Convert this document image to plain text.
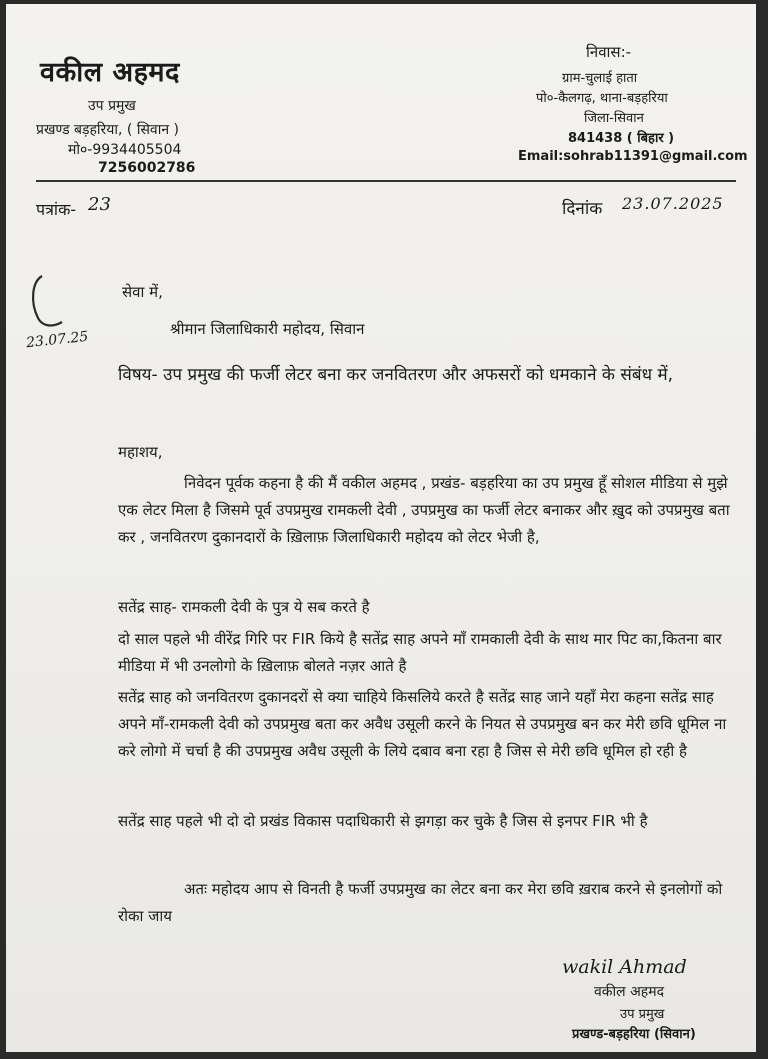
वकील अहमद
उप प्रमुख
प्रखण्ड बड़हरिया, ( सिवान )
मो०-9934405504
7256002786
निवास:-
ग्राम-चुलाई हाता
पो०-कैलगढ़, थाना-बड़हरिया
जिला-सिवान
841438 ( बिहार )
Email:sohrab11391@gmail.com
पत्रांक- 23	दिनांक 23.07.2025
23.07.25
सेवा में,
श्रीमान जिलाधिकारी महोदय, सिवान
विषय- उप प्रमुख की फर्जी लेटर बना कर जनवितरण और अफसरों को धमकाने के संबंध में,
महाशय,
निवेदन पूर्वक कहना है की मैं वकील अहमद , प्रखंड- बड़हरिया का उप प्रमुख हूँ सोशल मीडिया से मुझे एक लेटर मिला है जिसमे पूर्व उपप्रमुख रामकली देवी , उपप्रमुख का फर्जी लेटर बनाकर और ख़ुद को उपप्रमुख बता कर , जनवितरण दुकानदारों के ख़िलाफ़ जिलाधिकारी महोदय को लेटर भेजी है,
सतेंद्र साह- रामकली देवी के पुत्र ये सब करते है
दो साल पहले भी वीरेंद्र गिरि पर FIR किये है सतेंद्र साह अपने माँ रामकाली देवी के साथ मार पिट का,कितना बार मीडिया में भी उनलोगो के ख़िलाफ़ बोलते नज़र आते है
सतेंद्र साह को जनवितरण दुकानदरों से क्या चाहिये किसलिये करते है सतेंद्र साह जाने यहाँ मेरा कहना सतेंद्र साह अपने माँ-रामकली देवी को उपप्रमुख बता कर अवैध उसूली करने के नियत से उपप्रमुख बन कर मेरी छवि धूमिल ना करे लोगो में चर्चा है की उपप्रमुख अवैध उसूली के लिये दबाव बना रहा है जिस से मेरी छवि धूमिल हो रही है
सतेंद्र साह पहले भी दो दो प्रखंड विकास पदाधिकारी से झगड़ा कर चुके है जिस से इनपर FIR भी है
अतः महोदय आप से विनती है फर्जी उपप्रमुख का लेटर बना कर मेरा छवि ख़राब करने से इनलोगों को रोका जाय
wakil Ahmad
वकील अहमद
उप प्रमुख
प्रखण्ड-बड़हरिया (सिवान)
